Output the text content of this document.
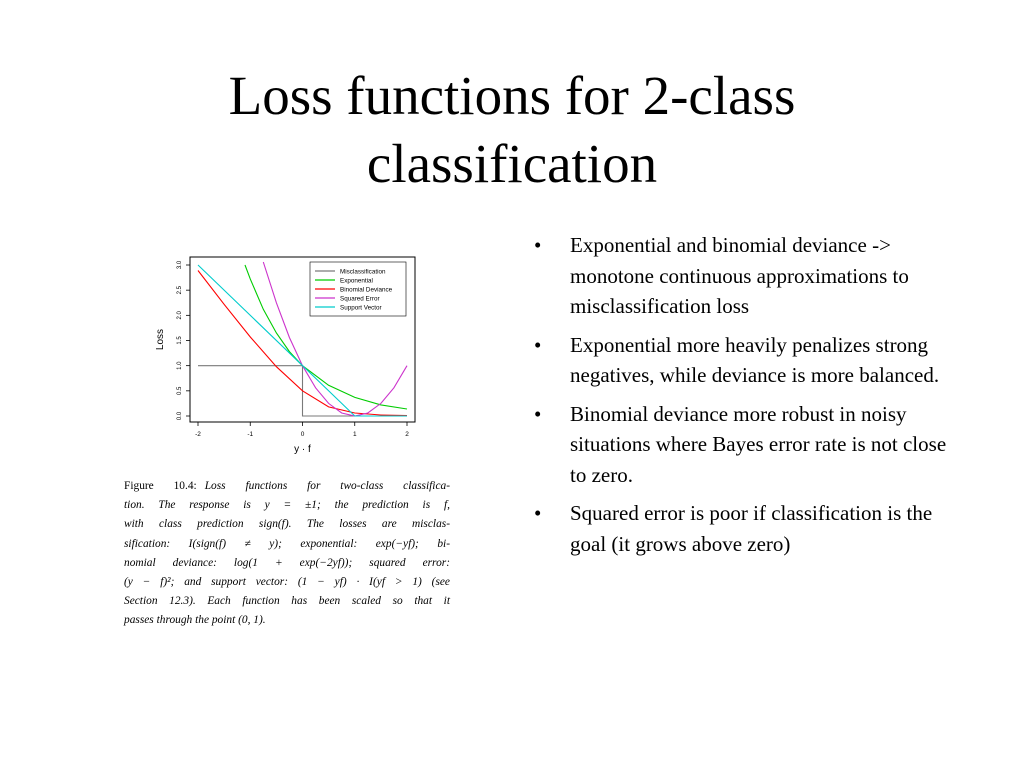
Loss functions for 2-class
classification
-2	-1	0	1	2
0.0
0.5
1.0
1.5
2.0
2.5
3.0
y · f
Loss
Misclassification
Exponential
Binomial Deviance
Squared Error
Support Vector
Figure 10.4: Loss functions for two-class classifica-
tion. The response is y = ±1; the prediction is f,
with class prediction sign(f). The losses are misclas-
sification: I(sign(f) ≠ y); exponential: exp(−yf); bi-
nomial deviance: log(1 + exp(−2yf)); squared error:
(y − f)²; and support vector: (1 − yf) · I(yf > 1) (see
Section 12.3). Each function has been scaled so that it
passes through the point (0, 1).
• Exponential and binomial deviance -> monotone continuous approximations to misclassification loss
• Exponential more heavily penalizes strong negatives, while deviance is more balanced.
• Binomial deviance more robust in noisy situations where Bayes error rate is not close to zero.
• Squared error is poor if classification is the goal (it grows above zero)
